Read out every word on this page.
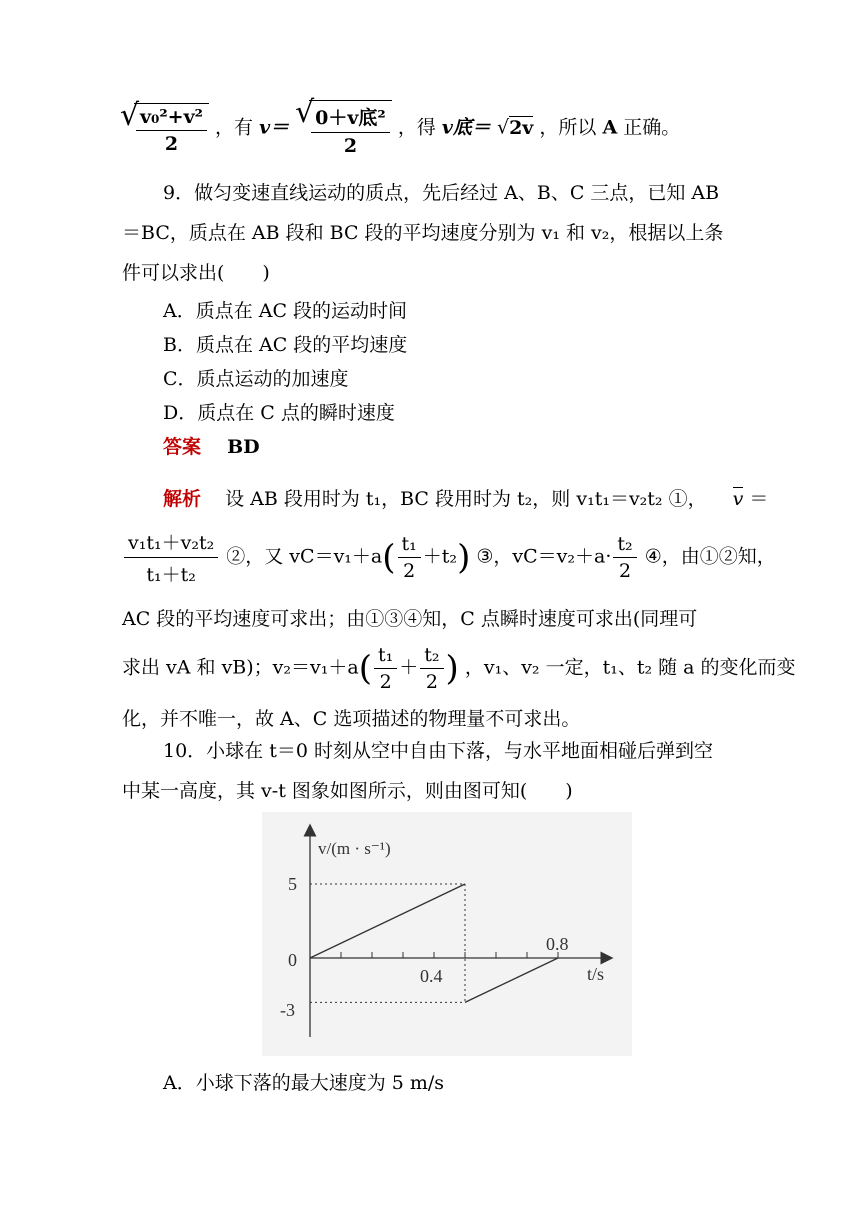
√
$\frac{\text{v₀²+v²}}{2}$ ，有 v＝ √
$\frac{\text{0＋v底²}}{2}$ ，得 v底＝ √2v ，所以 A 正确。
9．做匀变速直线运动的质点，先后经过 A、B、C 三点，已知 AB
＝BC，质点在 AB 段和 BC 段的平均速度分别为 v₁ 和 v₂，根据以上条
件可以求出(　　)
A．质点在 AC 段的运动时间
B．质点在 AC 段的平均速度
C．质点运动的加速度
D．质点在 C 点的瞬时速度
答案 BD
解析 设 AB 段用时为 t₁，BC 段用时为 t₂，则 v₁t₁＝v₂t₂ ①， v ＝
$\frac{\text{v₁t₁＋v₂t₂}}{\text{t₁＋t₂}}$ ②，又 $vC=v_1+a( \frac{\text{t₁}}{2} +t_2)$ ③，$vC=v_2+a\cdot \frac{\text{t₂}}{2}$ ④，由①②知，
AC 段的平均速度可求出；由①③④知，C 点瞬时速度可求出(同理可
求出 vA 和 vB)；$v_2=v_1+a( \frac{\text{t₁}}{2} + \frac{\text{t₂}}{2}$ ) ，v₁、v₂ 一定，t₁、t₂ 随 a 的变化而变
化，并不唯一，故 A、C 选项描述的物理量不可求出。
10．小球在 t＝0 时刻从空中自由下落，与水平地面相碰后弹到空
中某一高度，其 v-t 图象如图所示，则由图可知(　　)
v/(m · s⁻¹)
t/s
5
0
-3
0.4
0.8
A．小球下落的最大速度为 5 m/s
